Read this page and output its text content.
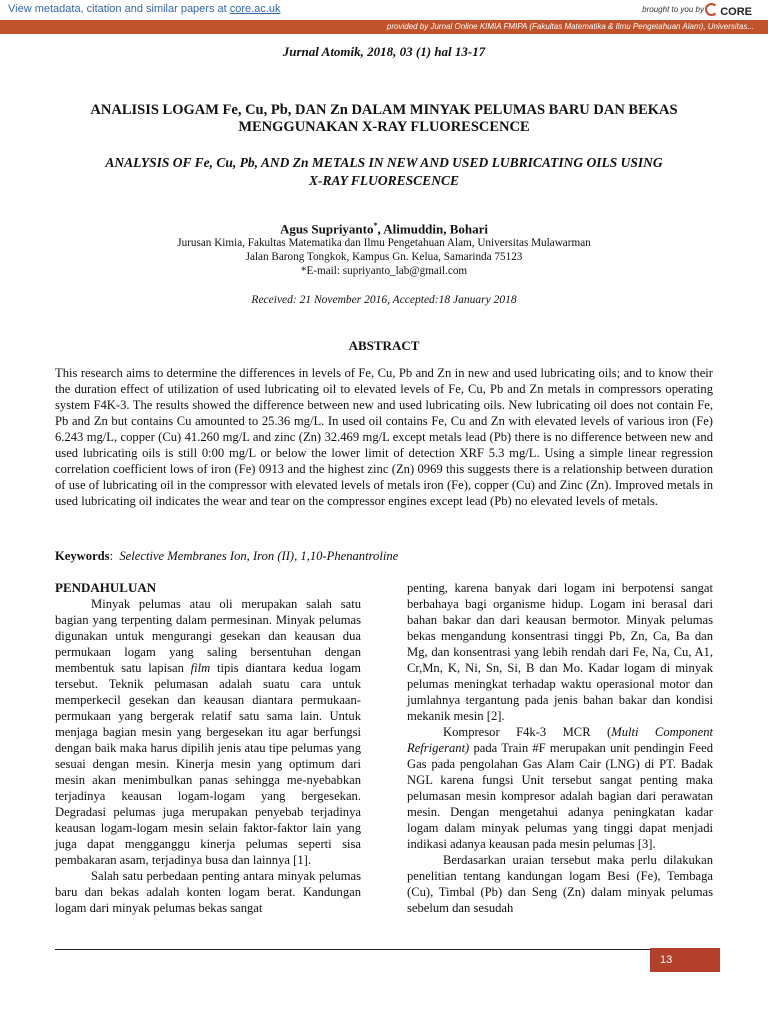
View metadata, citation and similar papers at core.ac.uk	brought to you by	CORE
provided by Jurnal Online KIMIA FMIPA (Fakultas Matematika & Ilmu Pengetahuan Alam), Universitas...
Jurnal Atomik, 2018, 03 (1) hal 13-17
ANALISIS LOGAM Fe, Cu, Pb, DAN Zn DALAM MINYAK PELUMAS BARU DAN BEKAS
MENGGUNAKAN X-RAY FLUORESCENCE
ANALYSIS OF Fe, Cu, Pb, AND Zn METALS IN NEW AND USED LUBRICATING OILS USING
X-RAY FLUORESCENCE
Agus Supriyanto*, Alimuddin, Bohari
Jurusan Kimia, Fakultas Matematika dan Ilmu Pengetahuan Alam, Universitas Mulawarman
Jalan Barong Tongkok, Kampus Gn. Kelua, Samarinda 75123
*E-mail: supriyanto_lab@gmail.com
Received: 21 November 2016, Accepted:18 January 2018
ABSTRACT
This research aims to determine the differences in levels of Fe, Cu, Pb and Zn in new and used lubricating oils; and to know their the duration effect of utilization of used lubricating oil to elevated levels of Fe, Cu, Pb and Zn metals in compressors operating system F4K-3. The results showed the difference between new and used lubricating oils. New lubricating oil does not contain Fe, Pb and Zn but contains Cu amounted to 25.36 mg/L. In used oil contains Fe, Cu and Zn with elevated levels of various iron (Fe) 6.243 mg/L, copper (Cu) 41.260 mg/L and zinc (Zn) 32.469 mg/L except metals lead (Pb) there is no difference between new and used lubricating oils is still 0:00 mg/L or below the lower limit of detection XRF 5.3 mg/L. Using a simple linear regression correlation coefficient lows of iron (Fe) 0913 and the highest zinc (Zn) 0969 this suggests there is a relationship between duration of use of lubricating oil in the compressor with elevated levels of metals iron (Fe), copper (Cu) and Zinc (Zn). Improved metals in used lubricating oil indicates the wear and tear on the compressor engines except lead (Pb) no elevated levels of metals.
Keywords: Selective Membranes Ion, Iron (II), 1,10-Phenantroline

PENDAHULUAN

Minyak pelumas atau oli merupakan salah satu bagian yang terpenting dalam permesinan. Minyak pelumas digunakan untuk mengurangi gesekan dan keausan dua permukaan logam yang saling bersentuhan dengan membentuk satu lapisan film tipis diantara kedua logam tersebut. Teknik pelumasan adalah suatu cara untuk memperkecil gesekan dan keausan diantara permukaan-permukaan yang bergerak relatif satu sama lain. Untuk menjaga bagian mesin yang bergesekan itu agar berfungsi dengan baik maka harus dipilih jenis atau tipe pelumas yang sesuai dengan mesin. Kinerja mesin yang optimum dari mesin akan menimbulkan panas sehingga me-nyebabkan terjadinya keausan logam-logam yang bergesekan. Degradasi pelumas juga merupakan penyebab terjadinya keausan logam-logam mesin selain faktor-faktor lain yang juga dapat mengganggu kinerja pelumas seperti sisa pembakaran asam, terjadinya busa dan lainnya [1].

Salah satu perbedaan penting antara minyak pelumas baru dan bekas adalah konten logam berat. Kandungan logam dari minyak pelumas bekas sangat

penting, karena banyak dari logam ini berpotensi sangat berbahaya bagi organisme hidup. Logam ini berasal dari bahan bakar dan dari keausan bermotor. Minyak pelumas bekas mengandung konsentrasi tinggi Pb, Zn, Ca, Ba dan Mg, dan konsentrasi yang lebih rendah dari Fe, Na, Cu, A1, Cr,Mn, K, Ni, Sn, Si, B dan Mo. Kadar logam di minyak pelumas meningkat terhadap waktu operasional motor dan jumlahnya tergantung pada jenis bahan bakar dan kondisi mekanik mesin [2].

Kompresor F4k-3 MCR (Multi Component Refrigerant) pada Train #F merupakan unit pendingin Feed Gas pada pengolahan Gas Alam Cair (LNG) di PT. Badak NGL karena fungsi Unit tersebut sangat penting maka pelumasan mesin kompresor adalah bagian dari perawatan mesin. Dengan mengetahui adanya peningkatan kadar logam dalam minyak pelumas yang tinggi dapat menjadi indikasi adanya keausan pada mesin pelumas [3].

Berdasarkan uraian tersebut maka perlu dilakukan penelitian tentang kandungan logam Besi (Fe), Tembaga (Cu), Timbal (Pb) dan Seng (Zn) dalam minyak pelumas sebelum dan sesudah

13
